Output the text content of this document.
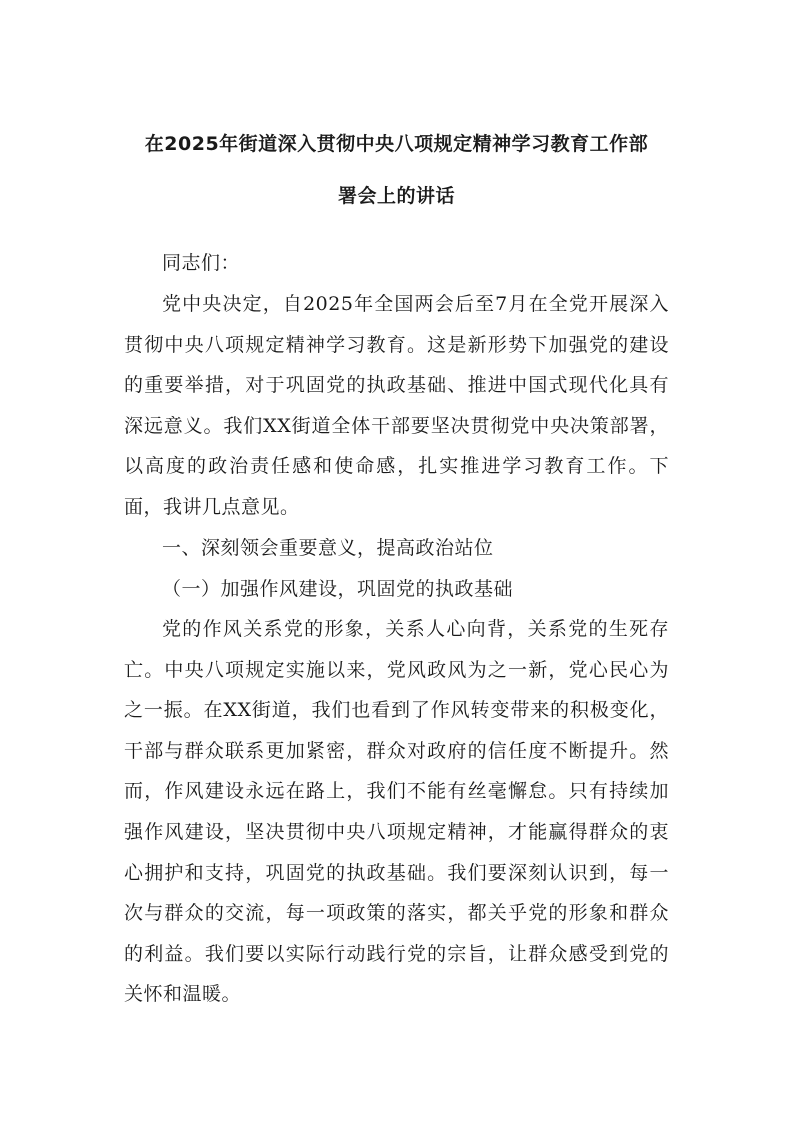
在2025年街道深入贯彻中央八项规定精神学习教育工作部
署会上的讲话

同志们：

党中央决定，自2025年全国两会后至7月在全党开展深入贯彻中央八项规定精神学习教育。这是新形势下加强党的建设的重要举措，对于巩固党的执政基础、推进中国式现代化具有深远意义。我们XX街道全体干部要坚决贯彻党中央决策部署，以高度的政治责任感和使命感，扎实推进学习教育工作。下面，我讲几点意见。

一、深刻领会重要意义，提高政治站位

（一）加强作风建设，巩固党的执政基础

党的作风关系党的形象，关系人心向背，关系党的生死存亡。中央八项规定实施以来，党风政风为之一新，党心民心为之一振。在XX街道，我们也看到了作风转变带来的积极变化，干部与群众联系更加紧密，群众对政府的信任度不断提升。然而，作风建设永远在路上，我们不能有丝毫懈怠。只有持续加强作风建设，坚决贯彻中央八项规定精神，才能赢得群众的衷心拥护和支持，巩固党的执政基础。我们要深刻认识到，每一次与群众的交流，每一项政策的落实，都关乎党的形象和群众的利益。我们要以实际行动践行党的宗旨，让群众感受到党的关怀和温暖。
